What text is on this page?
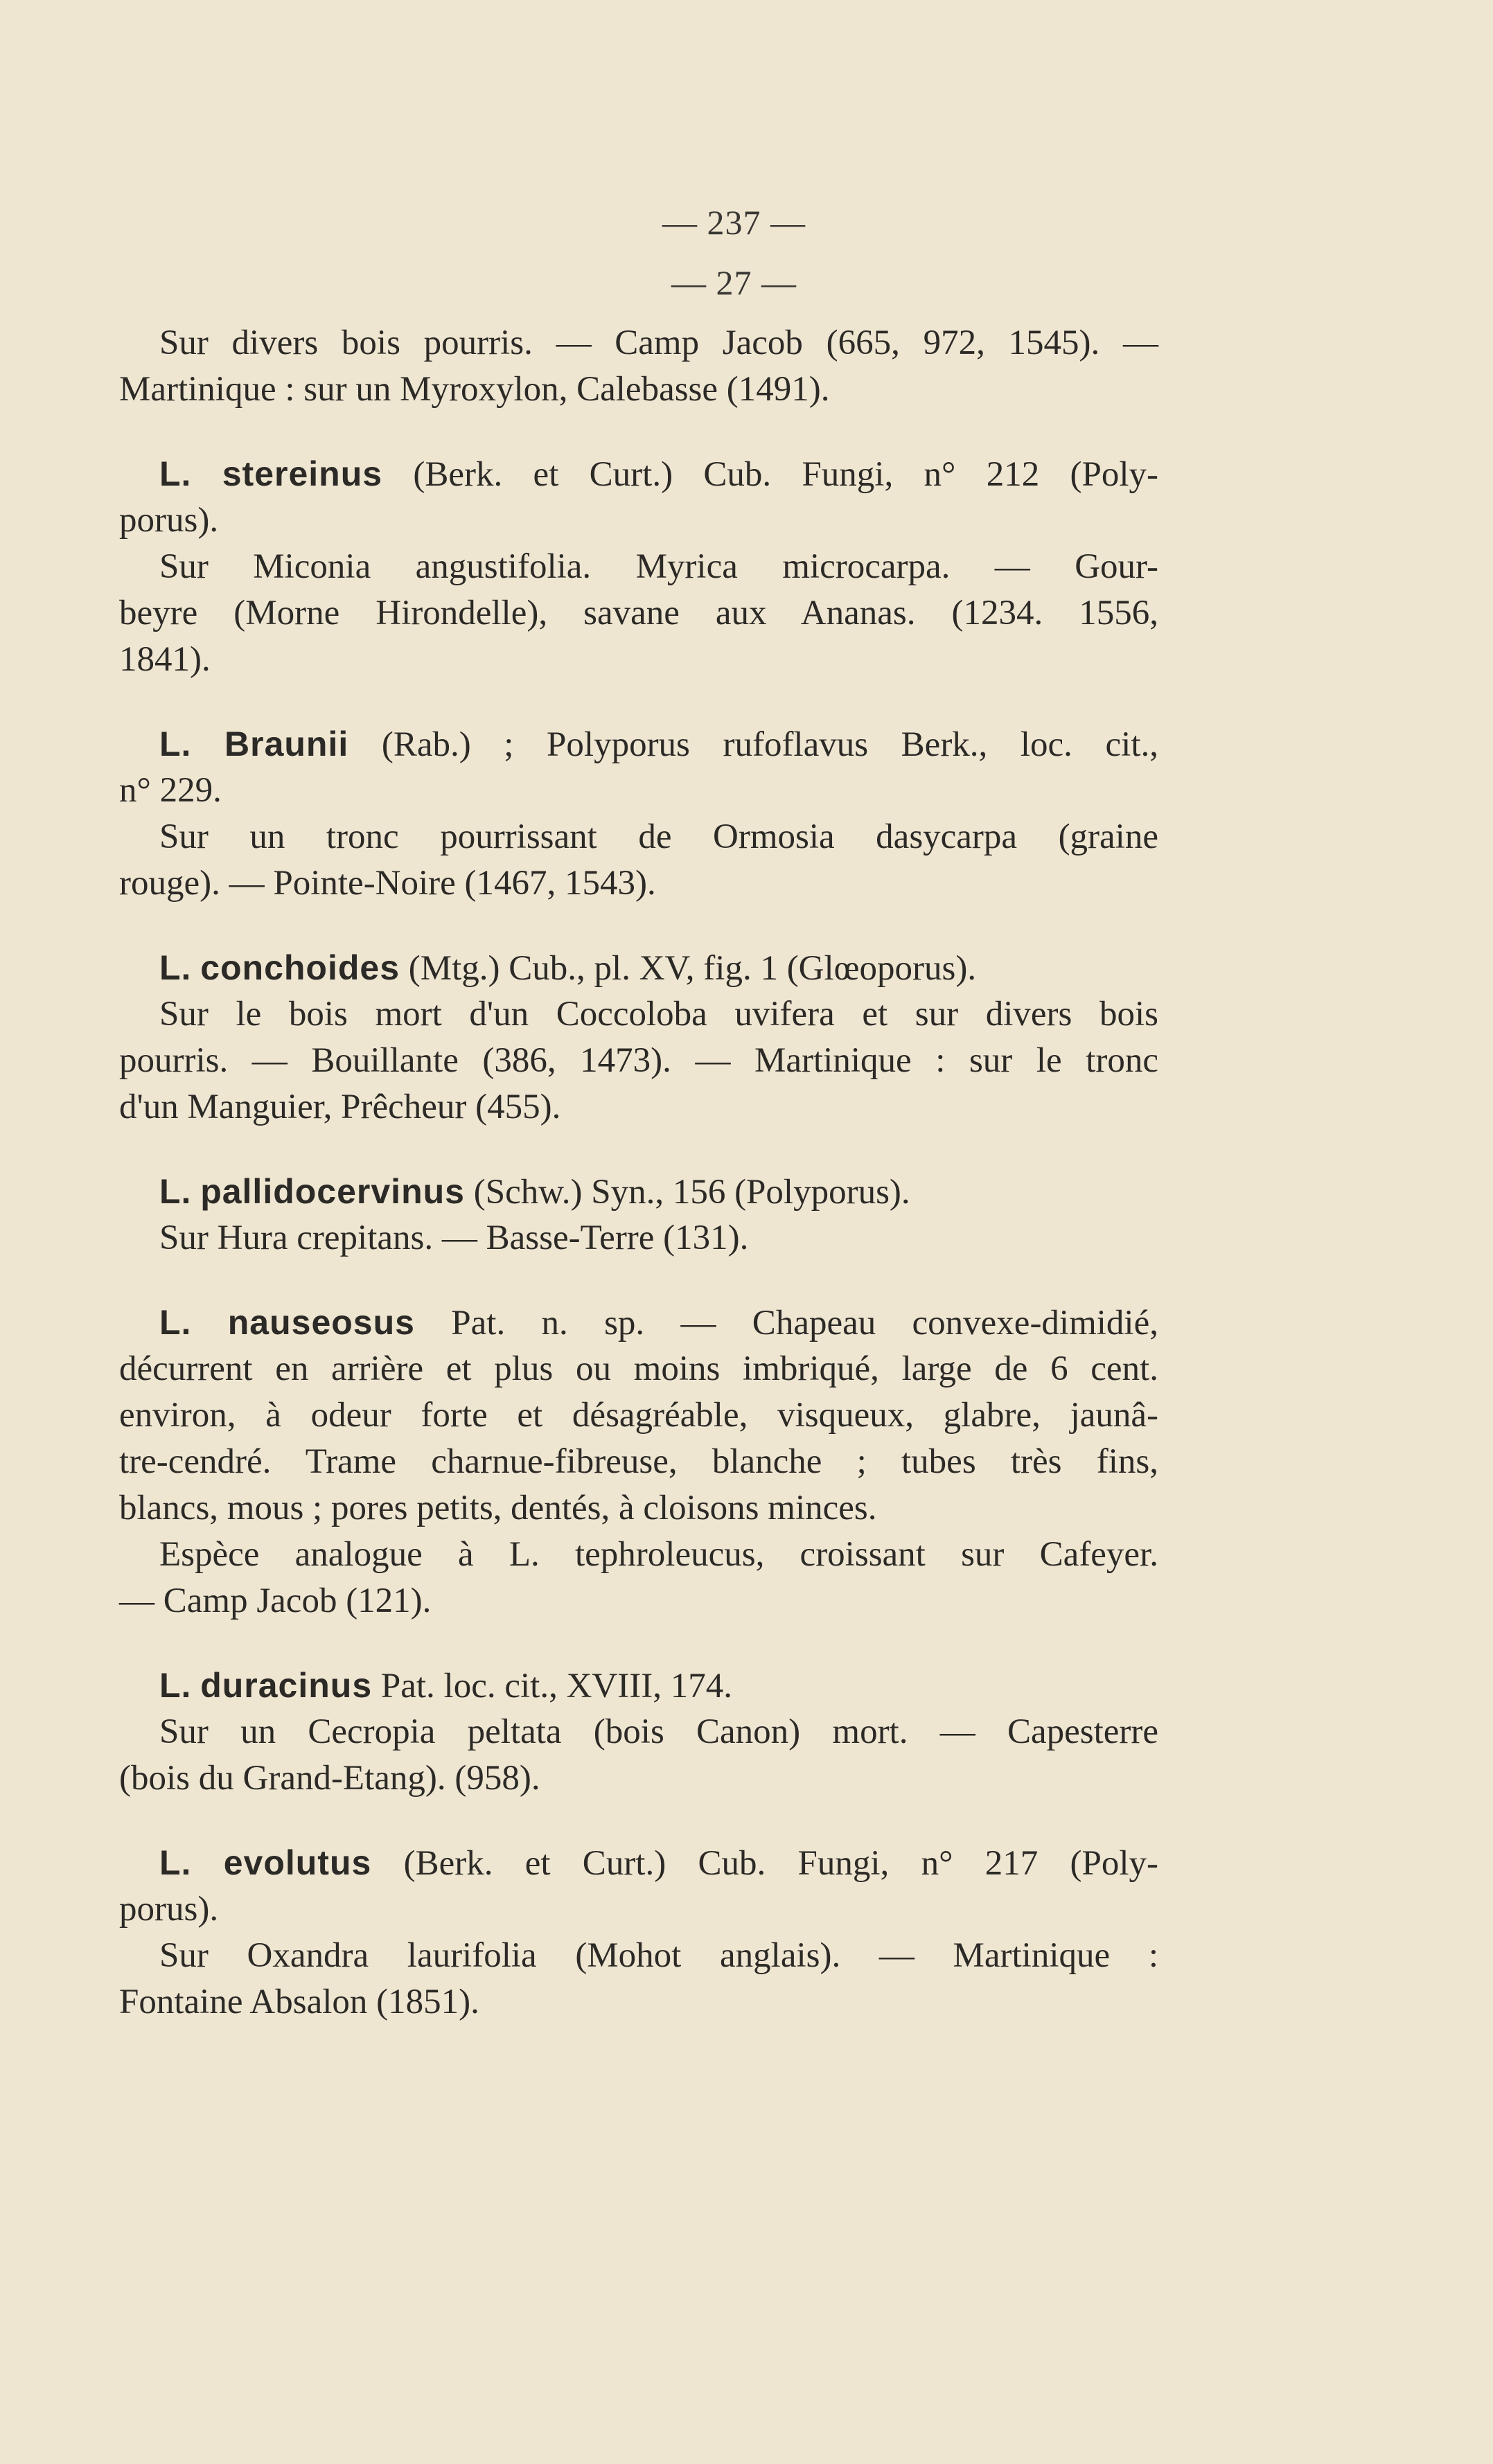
— 237 —
— 27 —
Sur divers bois pourris. — Camp Jacob (665, 972, 1545). —
Martinique : sur un Myroxylon, Calebasse (1491).
L. stereinus (Berk. et Curt.) Cub. Fungi, n° 212 (Poly-
porus).
Sur Miconia angustifolia. Myrica microcarpa. — Gour-
beyre (Morne Hirondelle), savane aux Ananas. (1234. 1556,
1841).
L. Braunii (Rab.) ; Polyporus rufoflavus Berk., loc. cit.,
n° 229.
Sur un tronc pourrissant de Ormosia dasycarpa (graine
rouge). — Pointe-Noire (1467, 1543).
L. conchoides (Mtg.) Cub., pl. XV, fig. 1 (Glœoporus).
Sur le bois mort d'un Coccoloba uvifera et sur divers bois
pourris. — Bouillante (386, 1473). — Martinique : sur le tronc
d'un Manguier, Prêcheur (455).
L. pallidocervinus (Schw.) Syn., 156 (Polyporus).
Sur Hura crepitans. — Basse-Terre (131).
L. nauseosus Pat. n. sp. — Chapeau convexe-dimidié,
décurrent en arrière et plus ou moins imbriqué, large de 6 cent.
environ, à odeur forte et désagréable, visqueux, glabre, jaunâ-
tre-cendré. Trame charnue-fibreuse, blanche ; tubes très fins,
blancs, mous ; pores petits, dentés, à cloisons minces.
Espèce analogue à L. tephroleucus, croissant sur Cafeyer.
— Camp Jacob (121).
L. duracinus Pat. loc. cit., XVIII, 174.
Sur un Cecropia peltata (bois Canon) mort. — Capesterre
(bois du Grand-Etang). (958).
L. evolutus (Berk. et Curt.) Cub. Fungi, n° 217 (Poly-
porus).
Sur Oxandra laurifolia (Mohot anglais). — Martinique :
Fontaine Absalon (1851).
